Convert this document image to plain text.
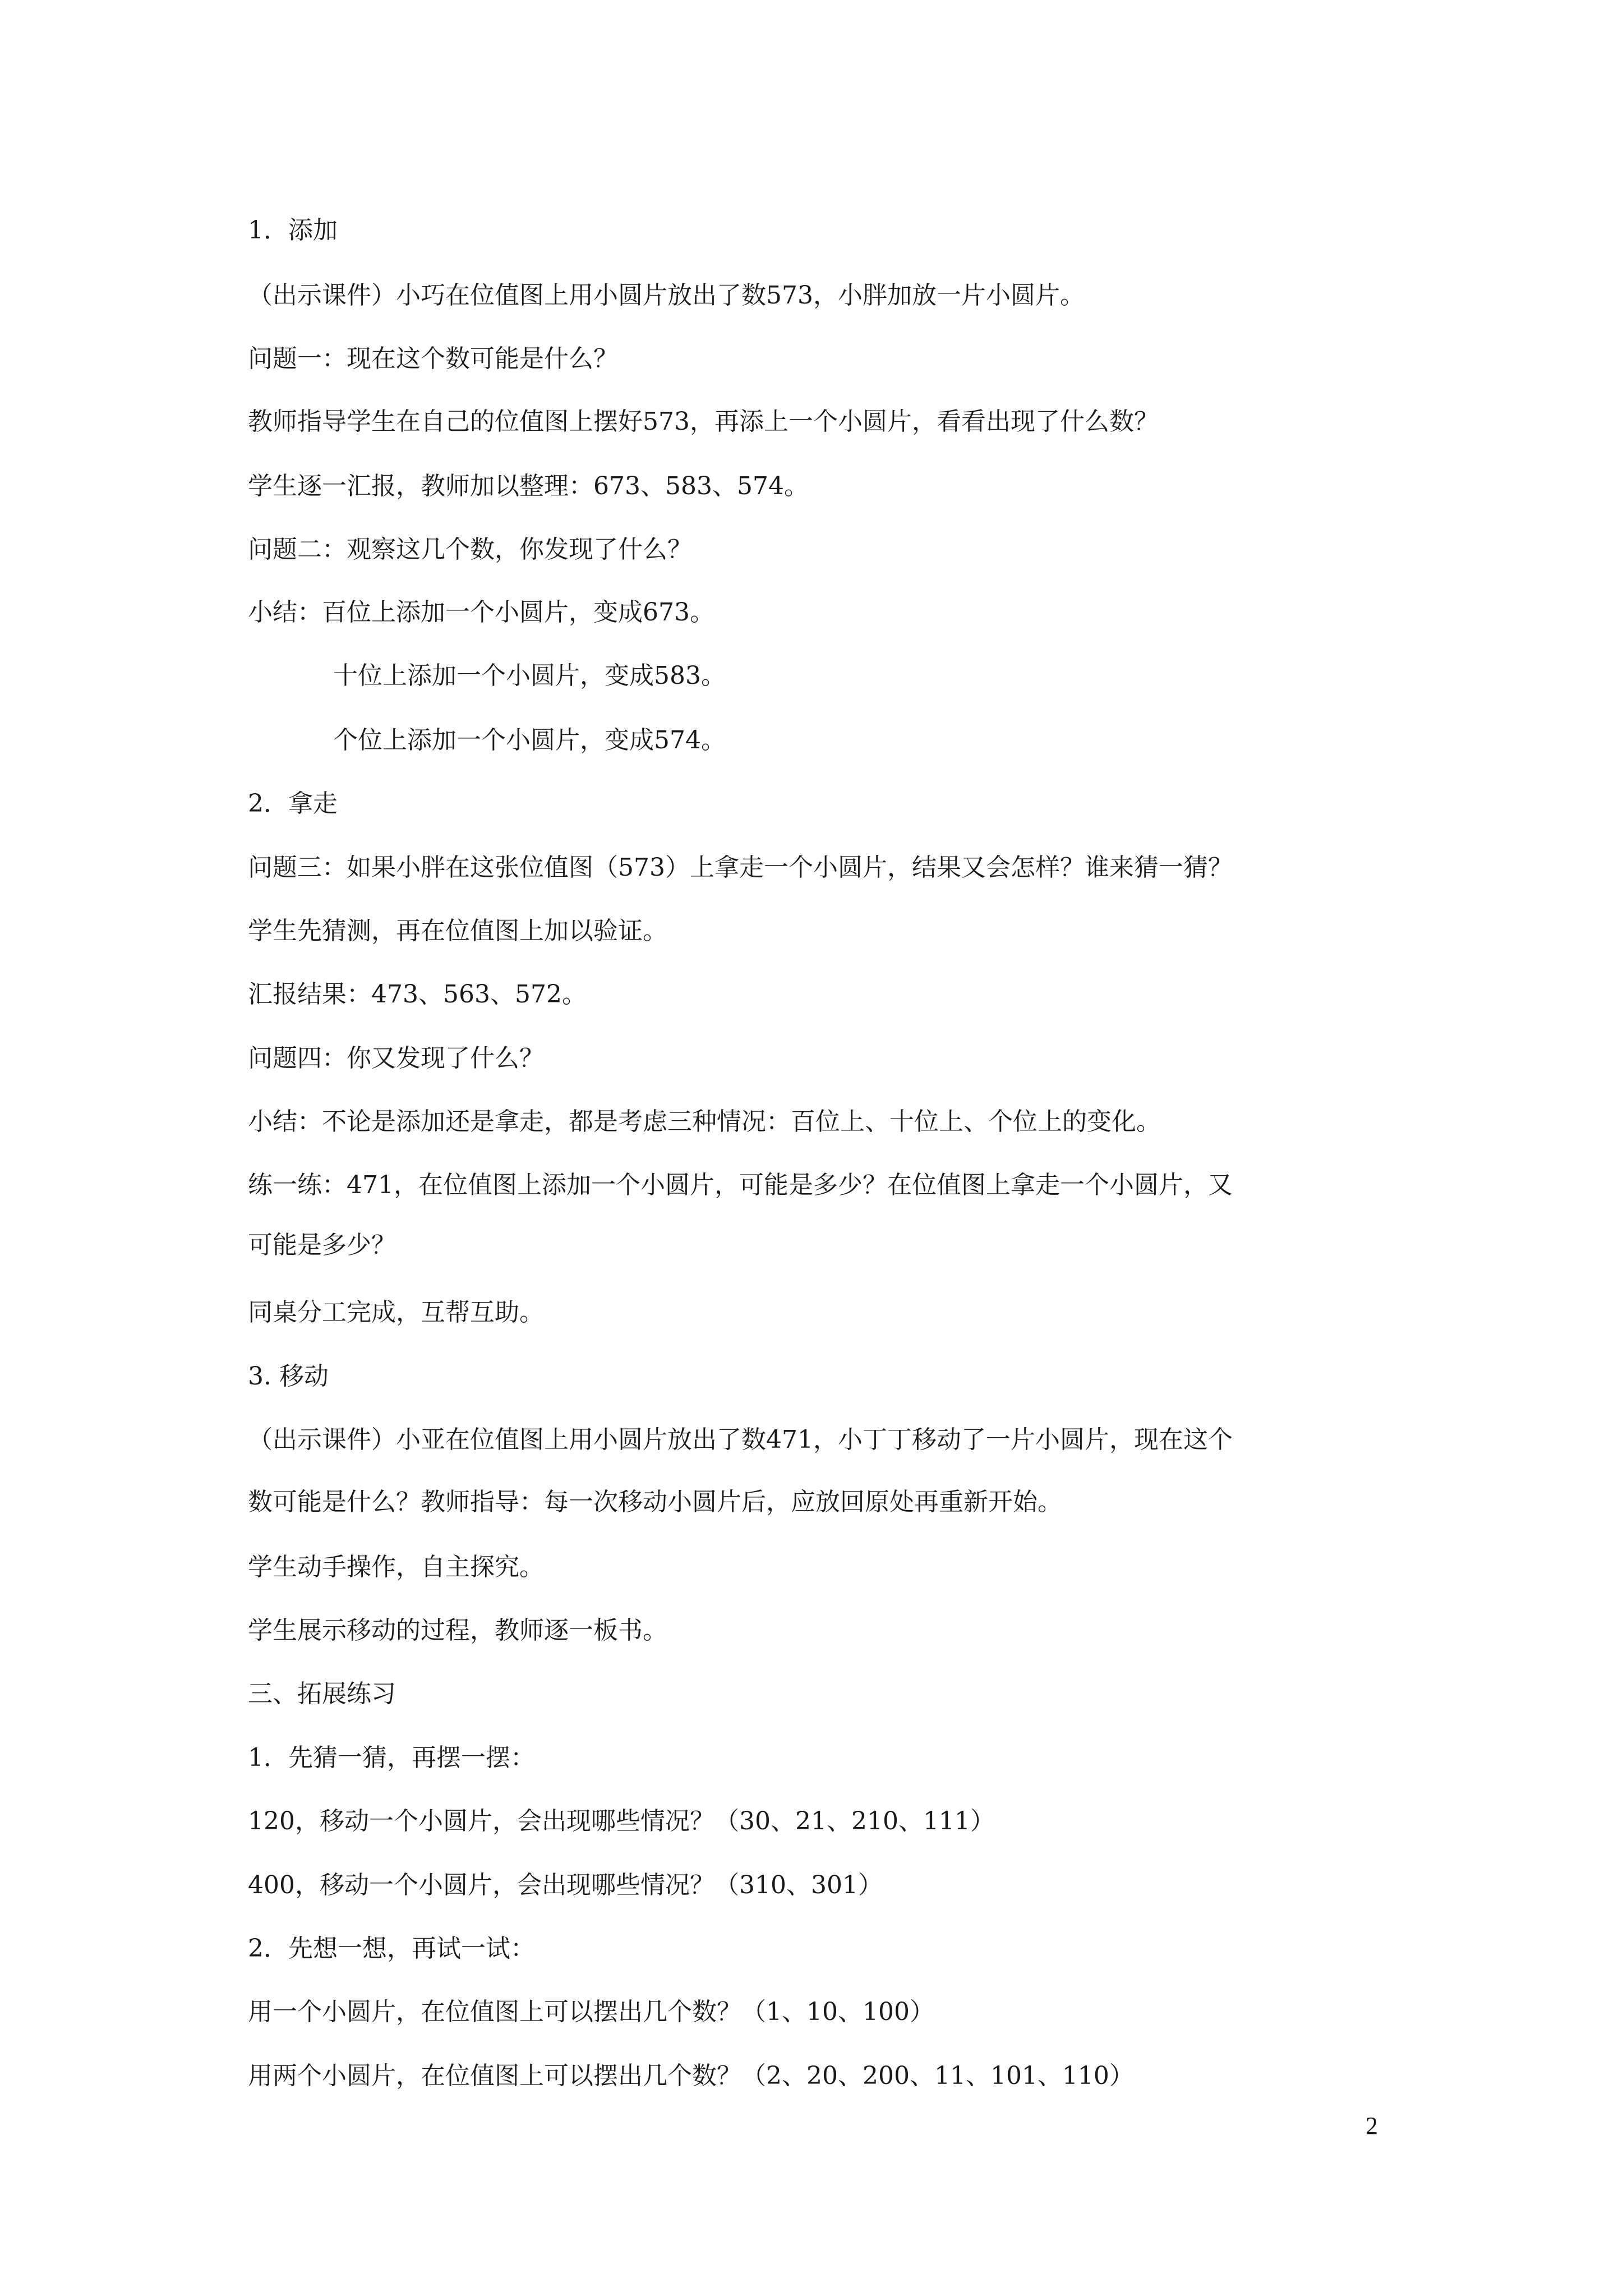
1．添加
（出示课件）小巧在位值图上用小圆片放出了数573，小胖加放一片小圆片。
问题一：现在这个数可能是什么？
教师指导学生在自己的位值图上摆好573，再添上一个小圆片，看看出现了什么数？
学生逐一汇报，教师加以整理：673、583、574。
问题二：观察这几个数，你发现了什么？
小结：百位上添加一个小圆片，变成673。
十位上添加一个小圆片，变成583。
个位上添加一个小圆片，变成574。
2．拿走
问题三：如果小胖在这张位值图（573）上拿走一个小圆片，结果又会怎样？谁来猜一猜？
学生先猜测，再在位值图上加以验证。
汇报结果：473、563、572。
问题四：你又发现了什么？
小结：不论是添加还是拿走，都是考虑三种情况：百位上、十位上、个位上的变化。
练一练：471，在位值图上添加一个小圆片，可能是多少？在位值图上拿走一个小圆片，又
可能是多少？
同桌分工完成，互帮互助。
3. 移动
（出示课件）小亚在位值图上用小圆片放出了数471，小丁丁移动了一片小圆片，现在这个
数可能是什么？教师指导：每一次移动小圆片后，应放回原处再重新开始。
学生动手操作，自主探究。
学生展示移动的过程，教师逐一板书。
三、拓展练习
1．先猜一猜，再摆一摆：
120，移动一个小圆片，会出现哪些情况？（30、21、210、111）
400，移动一个小圆片，会出现哪些情况？（310、301）
2．先想一想，再试一试：
用一个小圆片，在位值图上可以摆出几个数？（1、10、100）
用两个小圆片，在位值图上可以摆出几个数？（2、20、200、11、101、110）
2
